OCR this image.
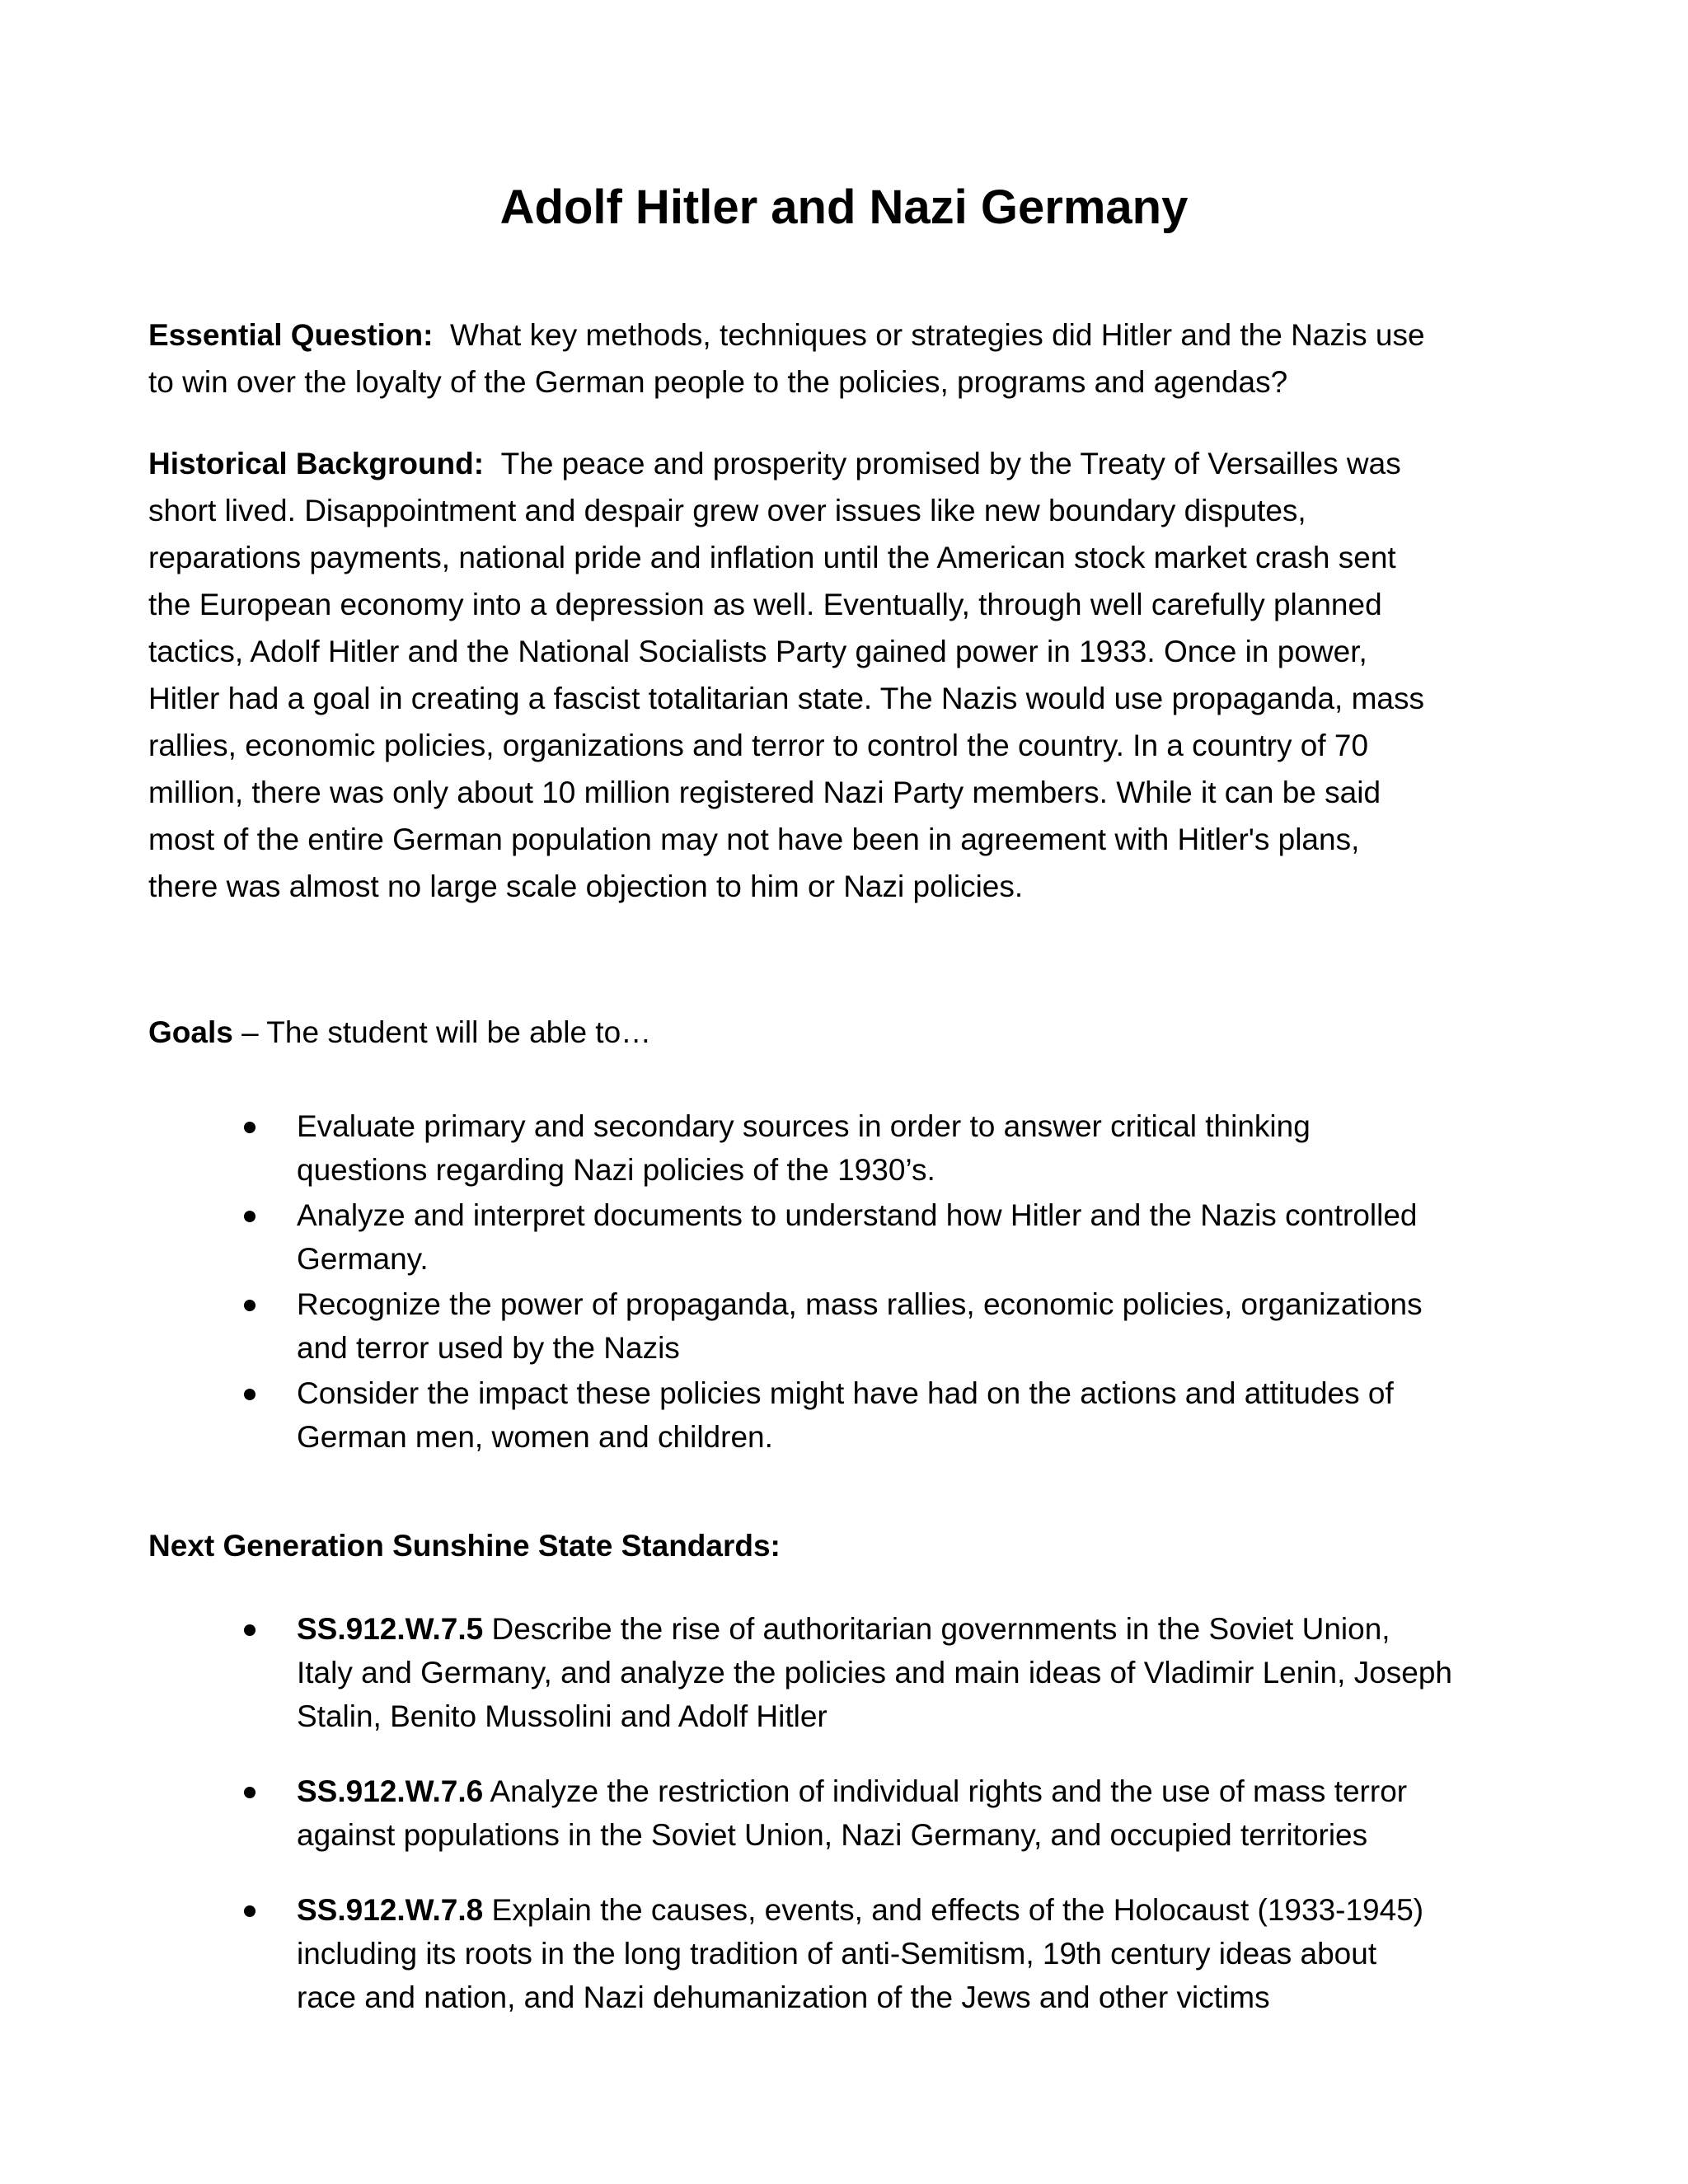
Adolf Hitler and Nazi Germany

Essential Question: What key methods, techniques or strategies did Hitler and the Nazis use
to win over the loyalty of the German people to the policies, programs and agendas?

Historical Background: The peace and prosperity promised by the Treaty of Versailles was
short lived. Disappointment and despair grew over issues like new boundary disputes,
reparations payments, national pride and inflation until the American stock market crash sent
the European economy into a depression as well. Eventually, through well carefully planned
tactics, Adolf Hitler and the National Socialists Party gained power in 1933. Once in power,
Hitler had a goal in creating a fascist totalitarian state. The Nazis would use propaganda, mass
rallies, economic policies, organizations and terror to control the country. In a country of 70
million, there was only about 10 million registered Nazi Party members. While it can be said
most of the entire German population may not have been in agreement with Hitler's plans,
there was almost no large scale objection to him or Nazi policies.

Goals – The student will be able to…

Evaluate primary and secondary sources in order to answer critical thinking
questions regarding Nazi policies of the 1930’s.
Analyze and interpret documents to understand how Hitler and the Nazis controlled
Germany.
Recognize the power of propaganda, mass rallies, economic policies, organizations
and terror used by the Nazis
Consider the impact these policies might have had on the actions and attitudes of
German men, women and children.

Next Generation Sunshine State Standards:

SS.912.W.7.5 Describe the rise of authoritarian governments in the Soviet Union,
Italy and Germany, and analyze the policies and main ideas of Vladimir Lenin, Joseph
Stalin, Benito Mussolini and Adolf Hitler
SS.912.W.7.6 Analyze the restriction of individual rights and the use of mass terror
against populations in the Soviet Union, Nazi Germany, and occupied territories
SS.912.W.7.8 Explain the causes, events, and effects of the Holocaust (1933-1945)
including its roots in the long tradition of anti-Semitism, 19th century ideas about
race and nation, and Nazi dehumanization of the Jews and other victims
